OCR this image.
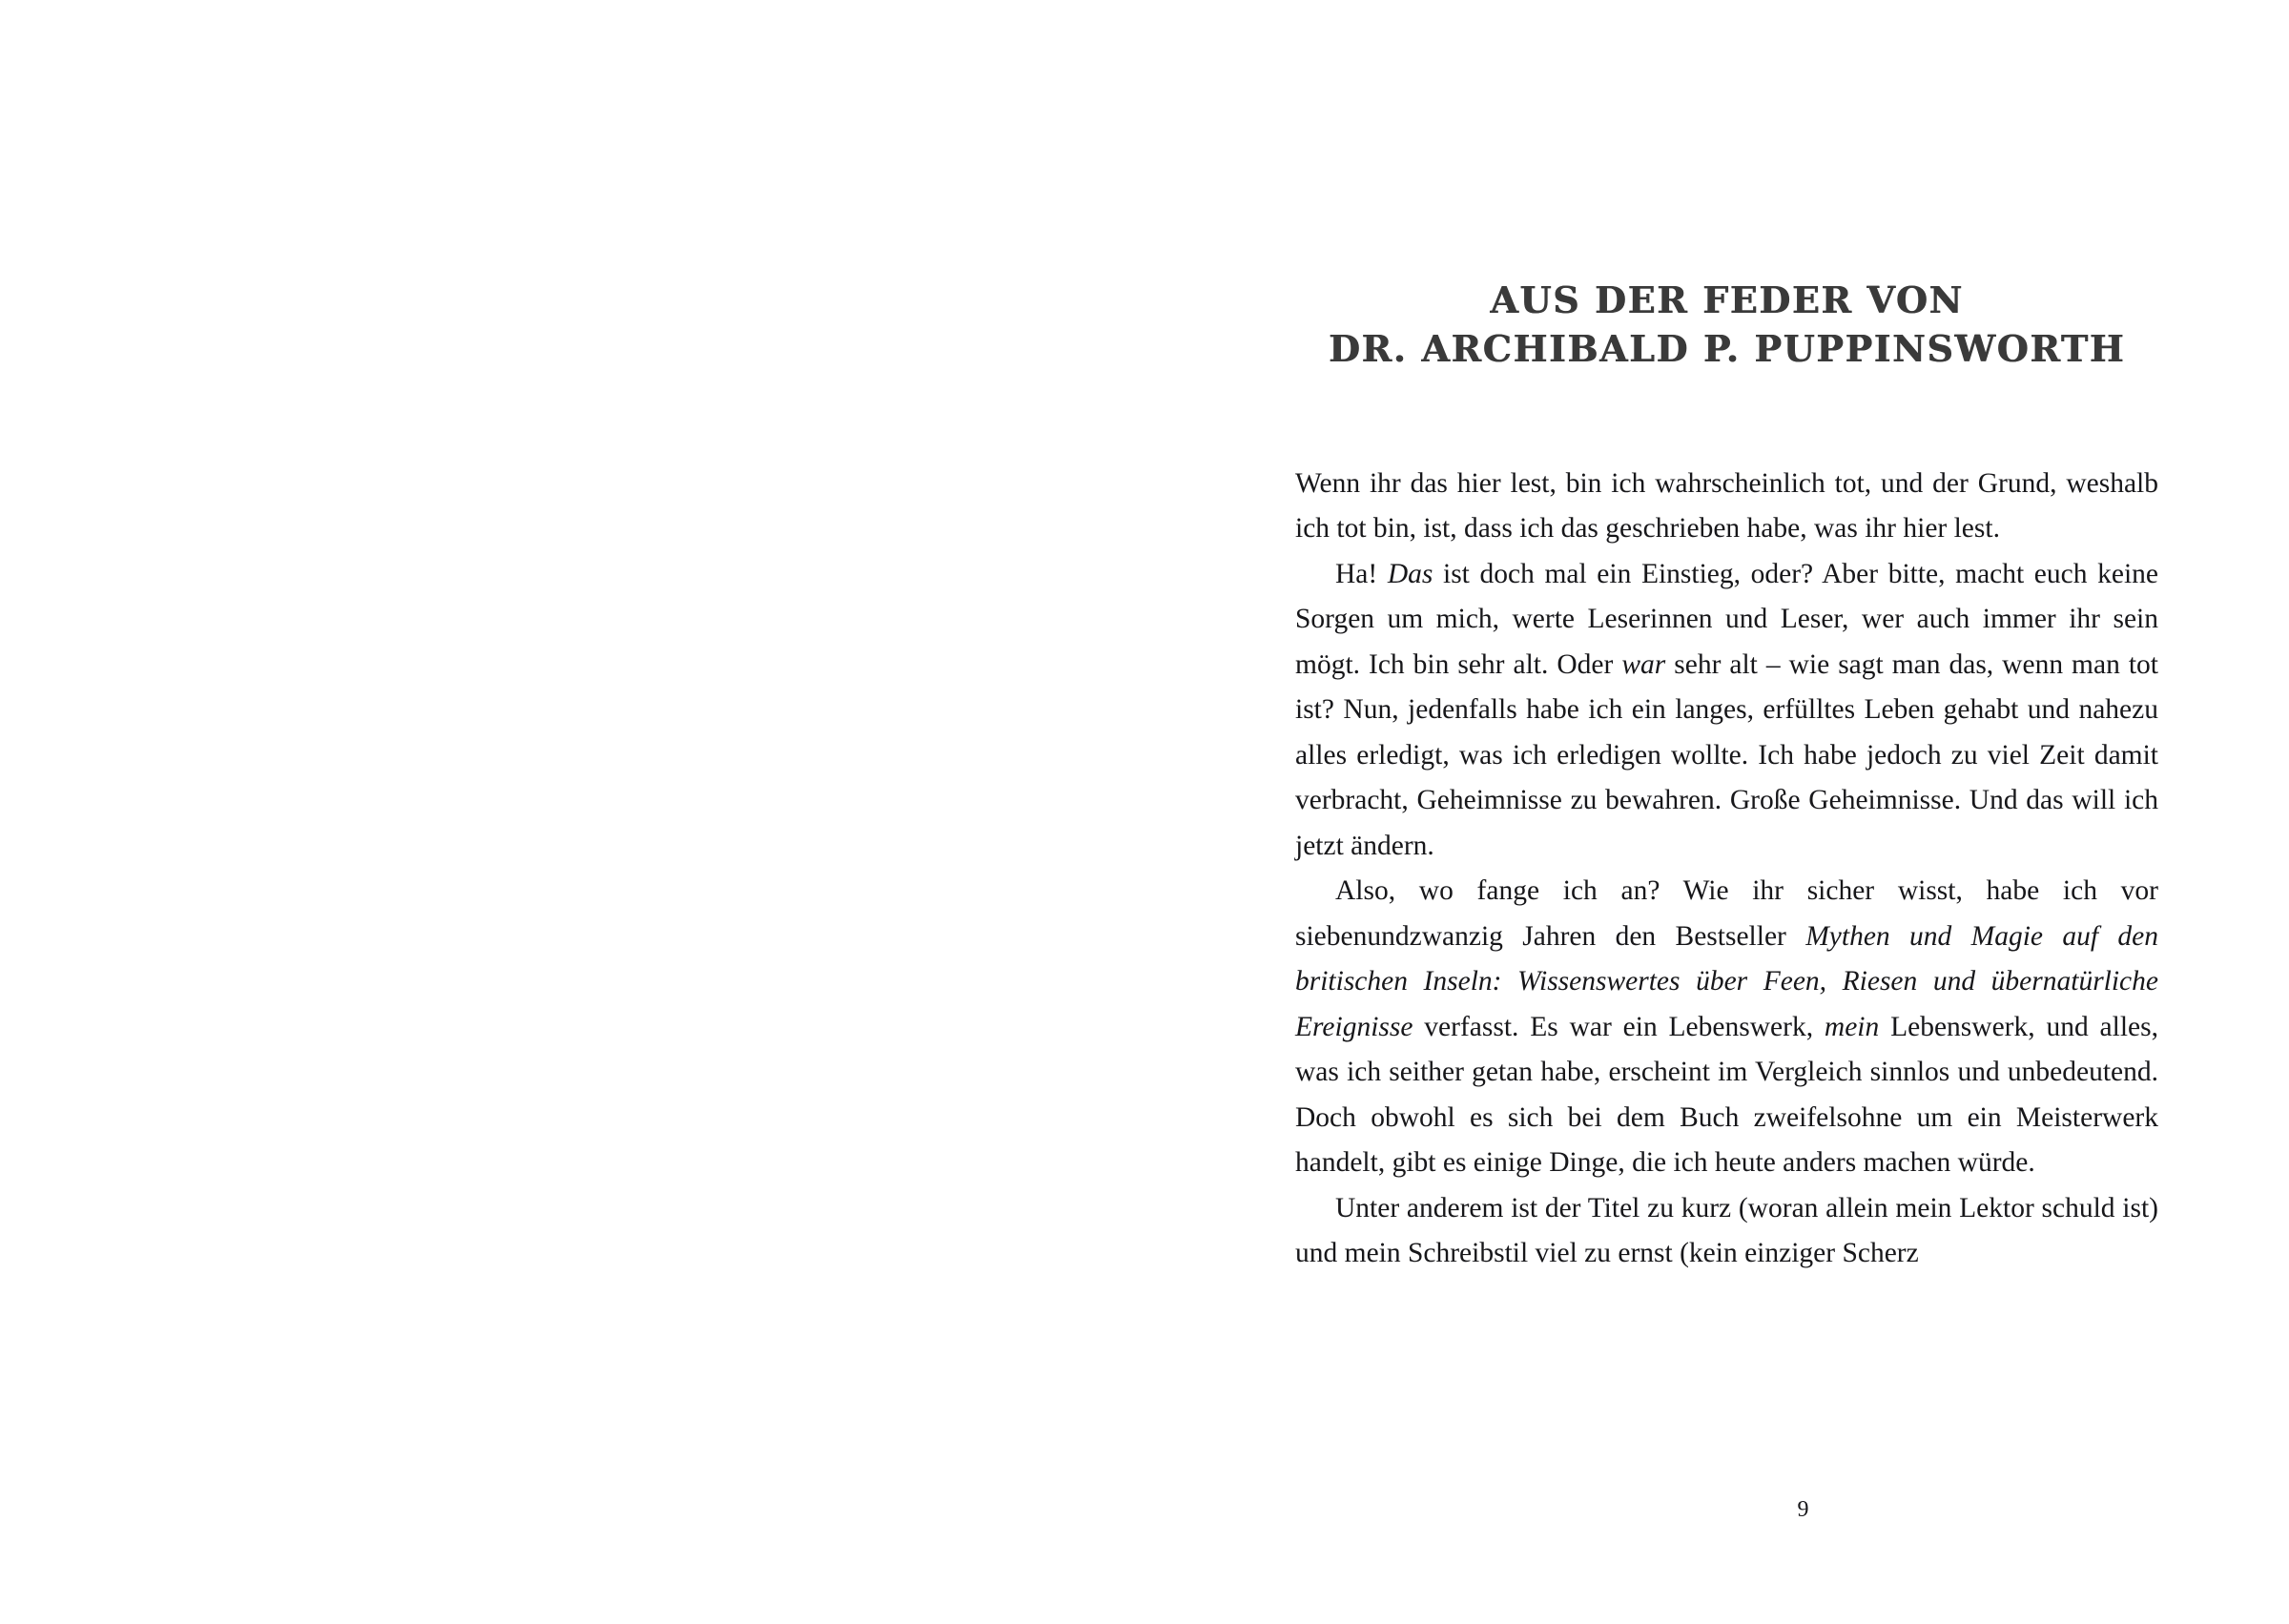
AUS DER FEDER VON
DR. ARCHIBALD P. PUPPINSWORTH

Wenn ihr das hier lest, bin ich wahrscheinlich tot, und der Grund, weshalb ich tot bin, ist, dass ich das geschrieben habe, was ihr hier lest.

Ha! Das ist doch mal ein Einstieg, oder? Aber bitte, macht euch keine Sorgen um mich, werte Leserinnen und Leser, wer auch immer ihr sein mögt. Ich bin sehr alt. Oder war sehr alt – wie sagt man das, wenn man tot ist? Nun, jedenfalls habe ich ein langes, erfülltes Leben gehabt und nahezu alles erledigt, was ich erledigen wollte. Ich habe jedoch zu viel Zeit damit verbracht, Geheimnisse zu bewahren. Große Geheimnisse. Und das will ich jetzt ändern.

Also, wo fange ich an? Wie ihr sicher wisst, habe ich vor siebenundzwanzig Jahren den Bestseller Mythen und Magie auf den britischen Inseln: Wissenswertes über Feen, Riesen und übernatürliche Ereignisse verfasst. Es war ein Lebenswerk, mein Lebenswerk, und alles, was ich seither getan habe, erscheint im Vergleich sinnlos und unbedeutend. Doch obwohl es sich bei dem Buch zweifelsohne um ein Meisterwerk handelt, gibt es einige Dinge, die ich heute anders machen würde.

Unter anderem ist der Titel zu kurz (woran allein mein Lektor schuld ist) und mein Schreibstil viel zu ernst (kein einziger Scherz

9
